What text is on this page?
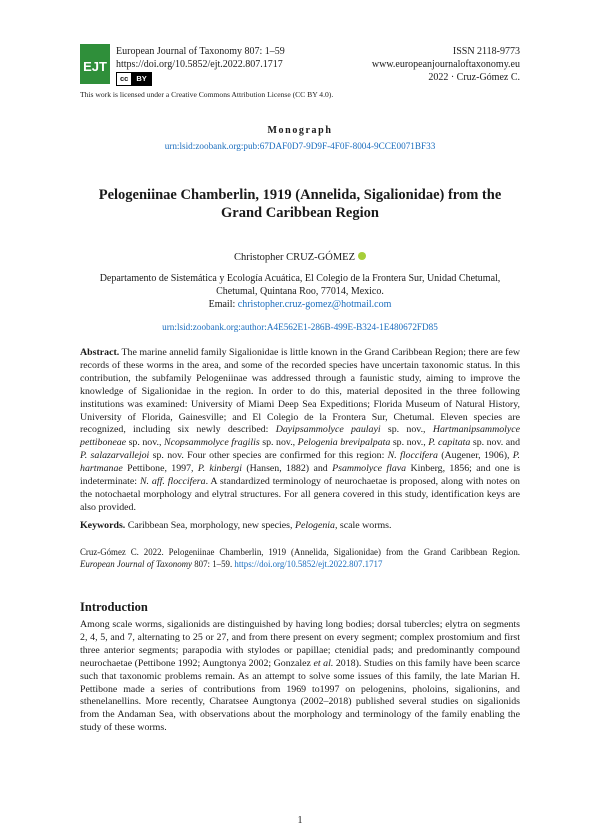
EJT
European Journal of Taxonomy 807: 1–59
https://doi.org/10.5852/ejt.2022.807.1717
cc BY
ISSN 2118-9773
www.europeanjournaloftaxonomy.eu
2022 · Cruz-Gómez C.
This work is licensed under a Creative Commons Attribution License (CC BY 4.0).
Monograph
urn:lsid:zoobank.org:pub:67DAF0D7-9D9F-4F0F-8004-9CCE0071BF33
Pelogeniinae Chamberlin, 1919 (Annelida, Sigalionidae) from the
Grand Caribbean Region
Christopher CRUZ-GÓMEZ
Departamento de Sistemática y Ecología Acuática, El Colegio de la Frontera Sur, Unidad Chetumal,
Chetumal, Quintana Roo, 77014, Mexico.
Email: christopher.cruz-gomez@hotmail.com
urn:lsid:zoobank.org:author:A4E562E1-286B-499E-B324-1E480672FD85
Abstract. The marine annelid family Sigalionidae is little known in the Grand Caribbean Region; there are few records of these worms in the area, and some of the recorded species have uncertain taxonomic status. In this contribution, the subfamily Pelogeniinae was addressed through a faunistic study, aiming to improve the knowledge of Sigalionidae in the region. In order to do this, material deposited in the three following institutions was examined: University of Miami Deep Sea Expeditions; Florida Museum of Natural History, University of Florida, Gainesville; and El Colegio de la Frontera Sur, Chetumal. Eleven species are recognized, including six newly described: Dayipsammolyce paulayi sp. nov., Hartmanipsammolyce pettiboneae sp. nov., Ncopsammolyce fragilis sp. nov., Pelogenia brevipalpata sp. nov., P. capitata sp. nov. and P. salazarvallejoi sp. nov. Four other species are confirmed for this region: N. floccifera (Augener, 1906), P. hartmanae Pettibone, 1997, P. kinbergi (Hansen, 1882) and Psammolyce flava Kinberg, 1856; and one is indeterminate: N. aff. floccifera. A standardized terminology of neurochaetae is proposed, along with notes on the notochaetal morphology and elytral structures. For all genera covered in this study, identification keys are also provided.
Keywords. Caribbean Sea, morphology, new species, Pelogenia, scale worms.
Cruz-Gómez C. 2022. Pelogeniinae Chamberlin, 1919 (Annelida, Sigalionidae) from the Grand Caribbean Region. European Journal of Taxonomy 807: 1–59. https://doi.org/10.5852/ejt.2022.807.1717
Introduction
Among scale worms, sigalionids are distinguished by having long bodies; dorsal tubercles; elytra on segments 2, 4, 5, and 7, alternating to 25 or 27, and from there present on every segment; complex prostomium and first three anterior segments; parapodia with stylodes or papillae; ctenidial pads; and predominantly compound neurochaetae (Pettibone 1992; Aungtonya 2002; Gonzalez et al. 2018). Studies on this family have been scarce such that taxonomic problems remain. As an attempt to solve some issues of this family, the late Marian H. Pettibone made a series of contributions from 1969 to1997 on pelogenins, pholoins, sigalionins, and sthenelanellins. More recently, Charatsee Aungtonya (2002–2018) published several studies on sigalionids from the Andaman Sea, with observations about the morphology and terminology of the family enabling the study of these worms.
1
